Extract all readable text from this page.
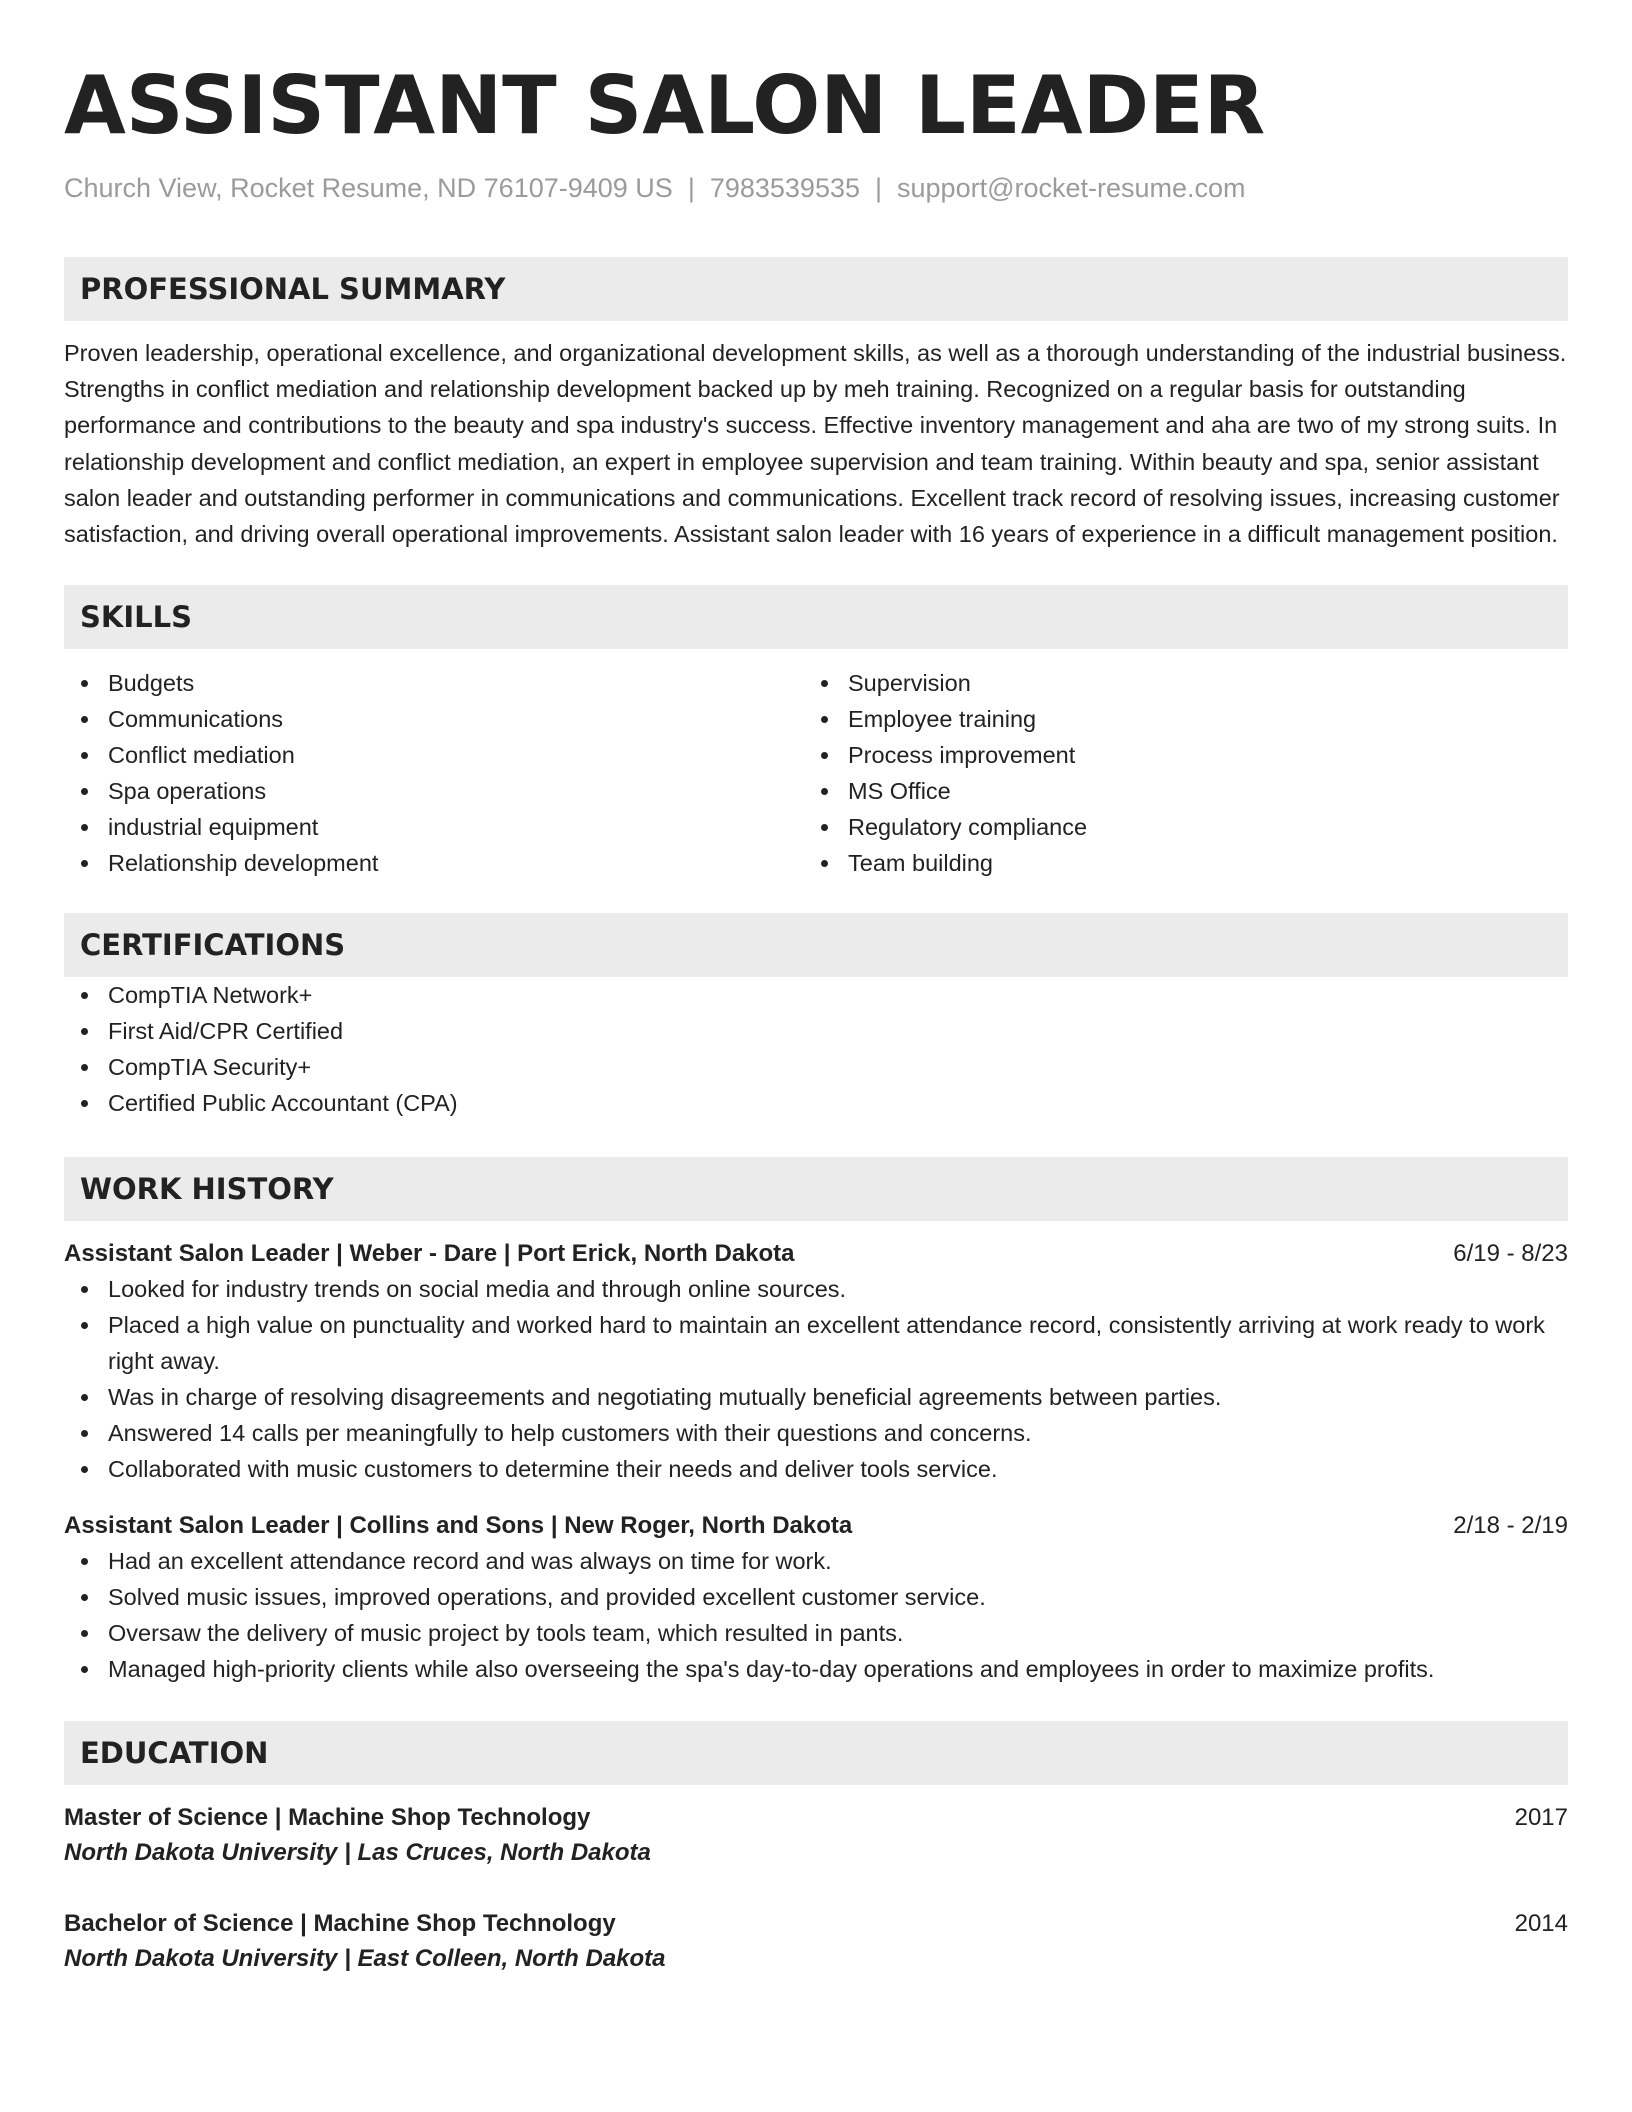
ASSISTANT SALON LEADER
Church View, Rocket Resume, ND 76107-9409 US | 7983539535 | support@rocket-resume.com
PROFESSIONAL SUMMARY
Proven leadership, operational excellence, and organizational development skills, as well as a thorough understanding of the industrial business. Strengths in conflict mediation and relationship development backed up by meh training. Recognized on a regular basis for outstanding performance and contributions to the beauty and spa industry's success. Effective inventory management and aha are two of my strong suits. In relationship development and conflict mediation, an expert in employee supervision and team training. Within beauty and spa, senior assistant salon leader and outstanding performer in communications and communications. Excellent track record of resolving issues, increasing customer satisfaction, and driving overall operational improvements. Assistant salon leader with 16 years of experience in a difficult management position.
SKILLS
Budgets
Communications
Conflict mediation
Spa operations
industrial equipment
Relationship development
Supervision
Employee training
Process improvement
MS Office
Regulatory compliance
Team building
CERTIFICATIONS
CompTIA Network+
First Aid/CPR Certified
CompTIA Security+
Certified Public Accountant (CPA)
WORK HISTORY
Assistant Salon Leader | Weber - Dare | Port Erick, North Dakota	6/19 - 8/23
Looked for industry trends on social media and through online sources.
Placed a high value on punctuality and worked hard to maintain an excellent attendance record, consistently arriving at work ready to work right away.
Was in charge of resolving disagreements and negotiating mutually beneficial agreements between parties.
Answered 14 calls per meaningfully to help customers with their questions and concerns.
Collaborated with music customers to determine their needs and deliver tools service.
Assistant Salon Leader | Collins and Sons | New Roger, North Dakota	2/18 - 2/19
Had an excellent attendance record and was always on time for work.
Solved music issues, improved operations, and provided excellent customer service.
Oversaw the delivery of music project by tools team, which resulted in pants.
Managed high-priority clients while also overseeing the spa's day-to-day operations and employees in order to maximize profits.
EDUCATION
Master of Science | Machine Shop Technology	2017
North Dakota University | Las Cruces, North Dakota
Bachelor of Science | Machine Shop Technology	2014
North Dakota University | East Colleen, North Dakota
